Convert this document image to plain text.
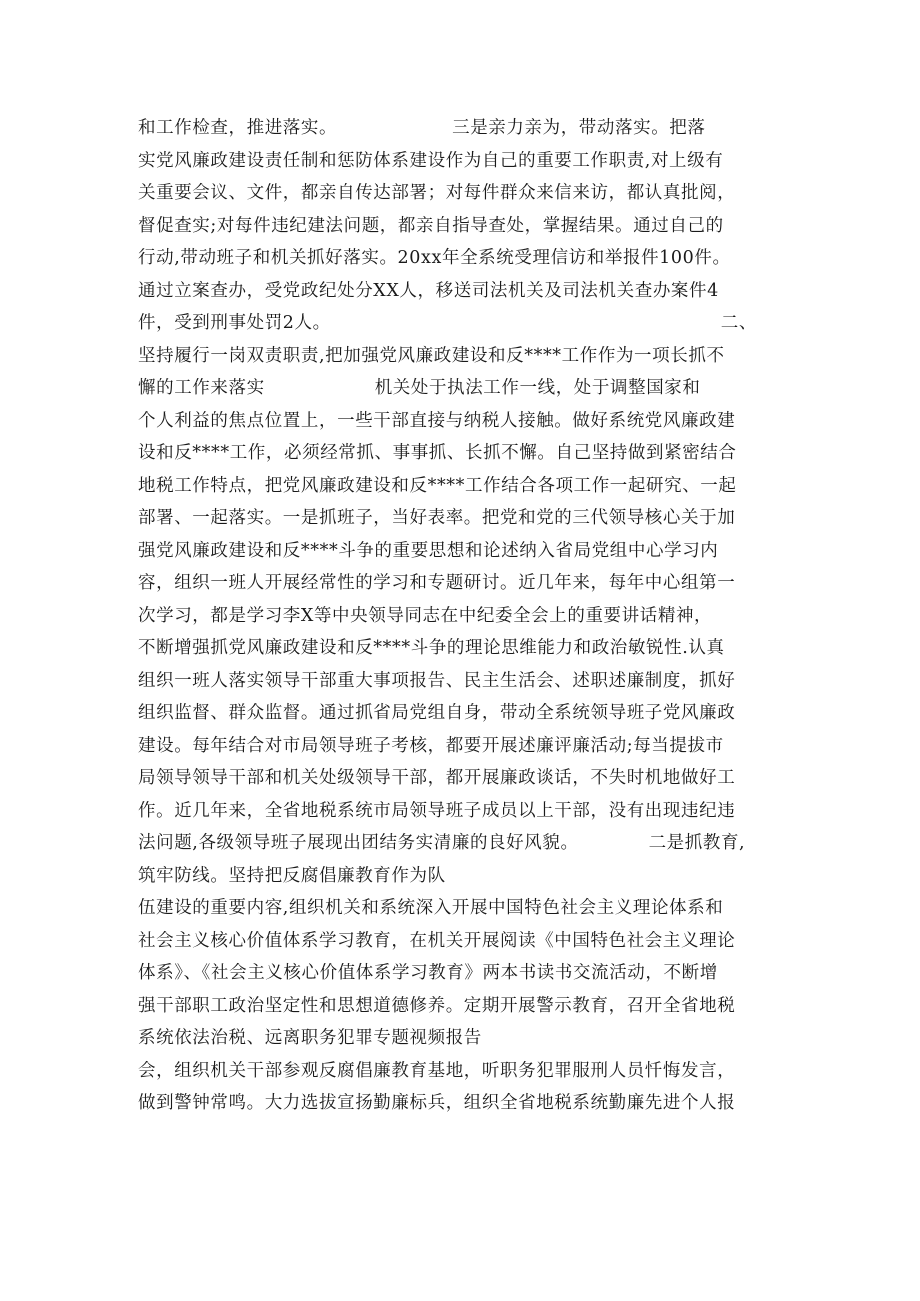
和工作检查，推进落实。	三是亲力亲为，带动落实。把落
实党风廉政建设责任制和惩防体系建设作为自己的重要工作职责,对上级有
关重要会议、文件，都亲自传达部署；对每件群众来信来访，都认真批阅，
督促查实;对每件违纪建法问题，都亲自指导查处，掌握结果。通过自己的
行动,带动班子和机关抓好落实。20xx年全系统受理信访和举报件100件。
通过立案查办，受党政纪处分XX人，移送司法机关及司法机关查办案件4
件，受到刑事处罚2人。	二、
坚持履行一岗双责职责,把加强党风廉政建设和反****工作作为一项长抓不
懈的工作来落实	机关处于执法工作一线，处于调整国家和
个人利益的焦点位置上，一些干部直接与纳税人接触。做好系统党风廉政建
设和反****工作，必须经常抓、事事抓、长抓不懈。自己坚持做到紧密结合
地税工作特点，把党风廉政建设和反****工作结合各项工作一起研究、一起
部署、一起落实。一是抓班子，当好表率。把党和党的三代领导核心关于加
强党风廉政建设和反****斗争的重要思想和论述纳入省局党组中心学习内
容，组织一班人开展经常性的学习和专题研讨。近几年来，每年中心组第一
次学习，都是学习李X等中央领导同志在中纪委全会上的重要讲话精神，
不断增强抓党风廉政建设和反****斗争的理论思维能力和政治敏锐性.认真
组织一班人落实领导干部重大事项报告、民主生活会、述职述廉制度，抓好
组织监督、群众监督。通过抓省局党组自身，带动全系统领导班子党风廉政
建设。每年结合对市局领导班子考核，都要开展述廉评廉活动;每当提拔市
局领导领导干部和机关处级领导干部，都开展廉政谈话，不失时机地做好工
作。近几年来，全省地税系统市局领导班子成员以上干部，没有出现违纪违
法问题,各级领导班子展现出团结务实清廉的良好风貌。	二是抓教育,
筑牢防线。坚持把反腐倡廉教育作为队
伍建设的重要内容,组织机关和系统深入开展中国特色社会主义理论体系和
社会主义核心价值体系学习教育，在机关开展阅读《中国特色社会主义理论
体系》、《社会主义核心价值体系学习教育》两本书读书交流活动，不断增
强干部职工政治坚定性和思想道德修养。定期开展警示教育，召开全省地税
系统依法治税、远离职务犯罪专题视频报告
会，组织机关干部参观反腐倡廉教育基地，听职务犯罪服刑人员忏悔发言，
做到警钟常鸣。大力选拔宣扬勤廉标兵，组织全省地税系统勤廉先进个人报
